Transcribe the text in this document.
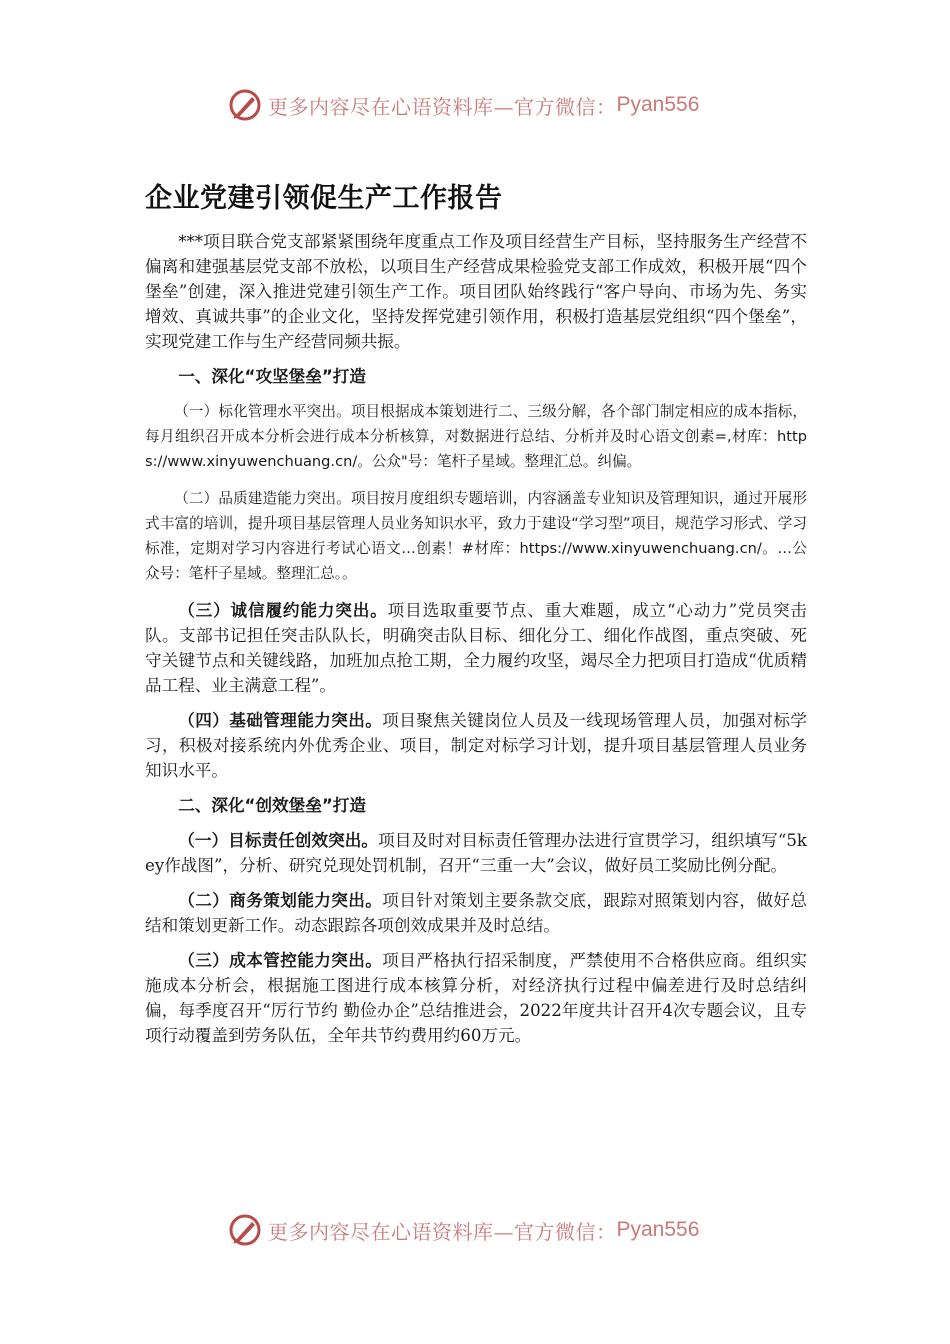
更多内容尽在心语资料库—官方微信： Pyan556
企业党建引领促生产工作报告

***项目联合党支部紧紧围绕年度重点工作及项目经营生产目标，坚持服务生产经营不偏离和建强基层党支部不放松，以项目生产经营成果检验党支部工作成效，积极开展“四个堡垒”创建，深入推进党建引领生产工作。项目团队始终践行“客户导向、市场为先、务实增效、真诚共事”的企业文化，坚持发挥党建引领作用，积极打造基层党组织“四个堡垒”，实现党建工作与生产经营同频共振。

一、深化“攻坚堡垒”打造

（一）标化管理水平突出。项目根据成本策划进行二、三级分解，各个部门制定相应的成本指标，每月组织召开成本分析会进行成本分析核算，对数据进行总结、分析并及时心语文创素=,材库：https://www.xinyuwenchuang.cn/。公众"号：笔杆子星域。整理汇总。纠偏。

（二）品质建造能力突出。项目按月度组织专题培训，内容涵盖专业知识及管理知识，通过开展形式丰富的培训，提升项目基层管理人员业务知识水平，致力于建设“学习型”项目，规范学习形式、学习标准，定期对学习内容进行考试心语文…创素！#材库：https://www.xinyuwenchuang.cn/。…公众号：笔杆子星域。整理汇总。。

（三）诚信履约能力突出。项目选取重要节点、重大难题，成立“心动力”党员突击队。支部书记担任突击队队长，明确突击队目标、细化分工、细化作战图，重点突破、死守关键节点和关键线路，加班加点抢工期，全力履约攻坚，竭尽全力把项目打造成“优质精品工程、业主满意工程”。

（四）基础管理能力突出。项目聚焦关键岗位人员及一线现场管理人员，加强对标学习，积极对接系统内外优秀企业、项目，制定对标学习计划，提升项目基层管理人员业务知识水平。

二、深化“创效堡垒”打造

（一）目标责任创效突出。项目及时对目标责任管理办法进行宣贯学习，组织填写“5key作战图”，分析、研究兑现处罚机制，召开“三重一大”会议，做好员工奖励比例分配。

（二）商务策划能力突出。项目针对策划主要条款交底，跟踪对照策划内容，做好总结和策划更新工作。动态跟踪各项创效成果并及时总结。

（三）成本管控能力突出。项目严格执行招采制度，严禁使用不合格供应商。组织实施成本分析会，根据施工图进行成本核算分析，对经济执行过程中偏差进行及时总结纠偏，每季度召开“厉行节约 勤俭办企”总结推进会，2022年度共计召开4次专题会议，且专项行动覆盖到劳务队伍，全年共节约费用约60万元。

更多内容尽在心语资料库—官方微信： Pyan556
